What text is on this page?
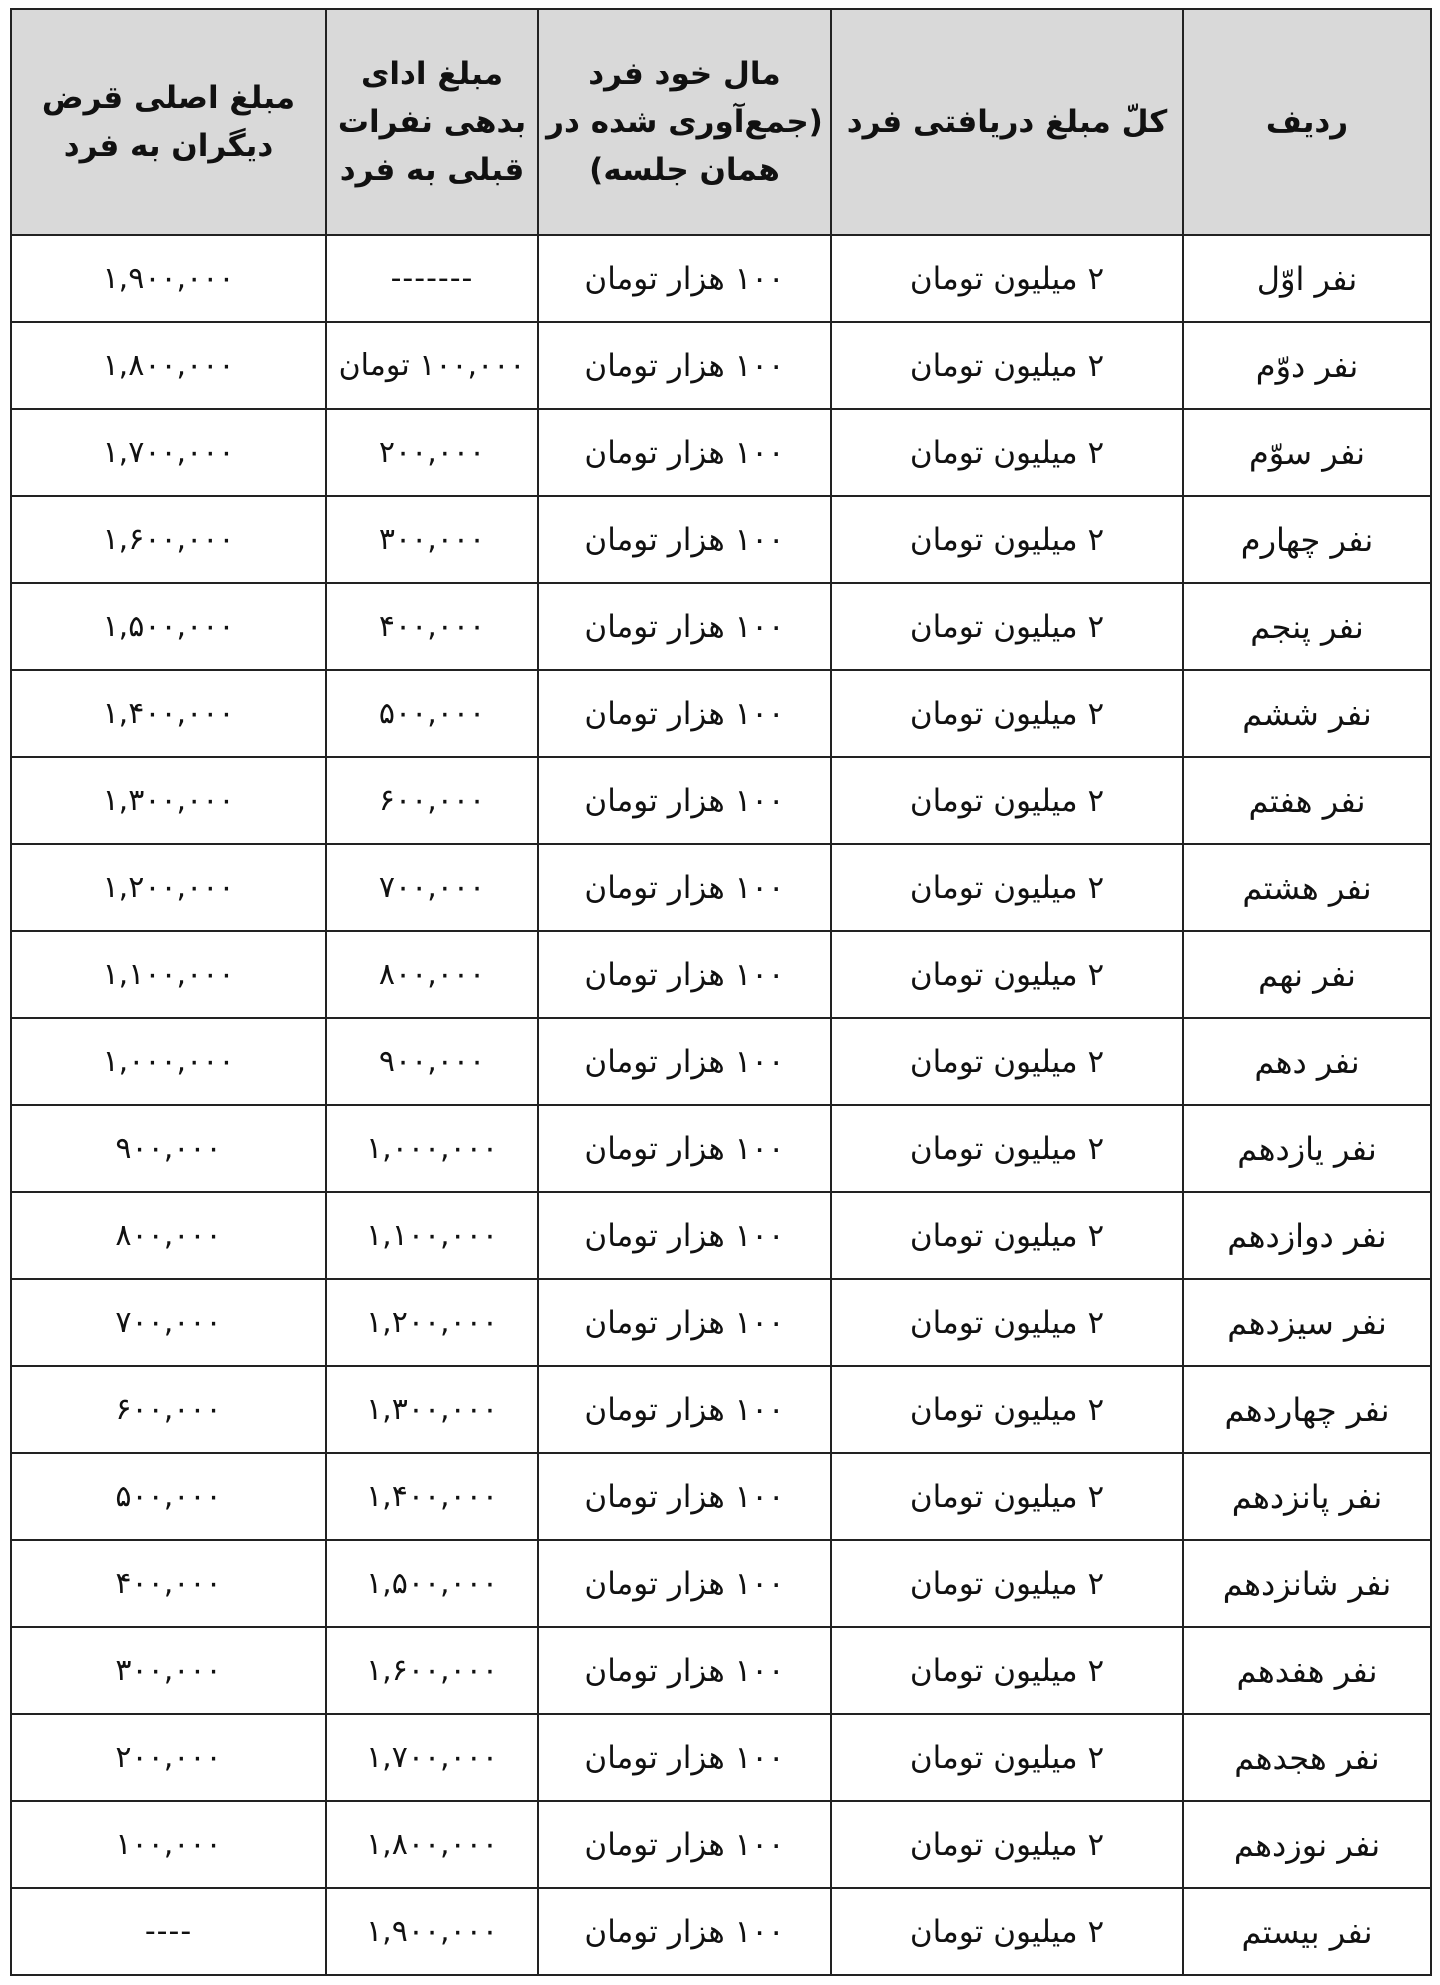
ردیف	کلّ مبلغ دریافتی فرد	مال خود فرد (جمع‌آوری شده در همان جلسه)	مبلغ ادای بدهی نفرات قبلی به فرد	مبلغ اصلی قرض دیگران به فرد
نفر اوّل	۲ میلیون تومان	۱۰۰ هزار تومان	-------	۱,۹۰۰,۰۰۰
نفر دوّم	۲ میلیون تومان	۱۰۰ هزار تومان	۱۰۰,۰۰۰ تومان	۱,۸۰۰,۰۰۰
نفر سوّم	۲ میلیون تومان	۱۰۰ هزار تومان	۲۰۰,۰۰۰	۱,۷۰۰,۰۰۰
نفر چهارم	۲ میلیون تومان	۱۰۰ هزار تومان	۳۰۰,۰۰۰	۱,۶۰۰,۰۰۰
نفر پنجم	۲ میلیون تومان	۱۰۰ هزار تومان	۴۰۰,۰۰۰	۱,۵۰۰,۰۰۰
نفر ششم	۲ میلیون تومان	۱۰۰ هزار تومان	۵۰۰,۰۰۰	۱,۴۰۰,۰۰۰
نفر هفتم	۲ میلیون تومان	۱۰۰ هزار تومان	۶۰۰,۰۰۰	۱,۳۰۰,۰۰۰
نفر هشتم	۲ میلیون تومان	۱۰۰ هزار تومان	۷۰۰,۰۰۰	۱,۲۰۰,۰۰۰
نفر نهم	۲ میلیون تومان	۱۰۰ هزار تومان	۸۰۰,۰۰۰	۱,۱۰۰,۰۰۰
نفر دهم	۲ میلیون تومان	۱۰۰ هزار تومان	۹۰۰,۰۰۰	۱,۰۰۰,۰۰۰
نفر یازدهم	۲ میلیون تومان	۱۰۰ هزار تومان	۱,۰۰۰,۰۰۰	۹۰۰,۰۰۰
نفر دوازدهم	۲ میلیون تومان	۱۰۰ هزار تومان	۱,۱۰۰,۰۰۰	۸۰۰,۰۰۰
نفر سیزدهم	۲ میلیون تومان	۱۰۰ هزار تومان	۱,۲۰۰,۰۰۰	۷۰۰,۰۰۰
نفر چهاردهم	۲ میلیون تومان	۱۰۰ هزار تومان	۱,۳۰۰,۰۰۰	۶۰۰,۰۰۰
نفر پانزدهم	۲ میلیون تومان	۱۰۰ هزار تومان	۱,۴۰۰,۰۰۰	۵۰۰,۰۰۰
نفر شانزدهم	۲ میلیون تومان	۱۰۰ هزار تومان	۱,۵۰۰,۰۰۰	۴۰۰,۰۰۰
نفر هفدهم	۲ میلیون تومان	۱۰۰ هزار تومان	۱,۶۰۰,۰۰۰	۳۰۰,۰۰۰
نفر هجدهم	۲ میلیون تومان	۱۰۰ هزار تومان	۱,۷۰۰,۰۰۰	۲۰۰,۰۰۰
نفر نوزدهم	۲ میلیون تومان	۱۰۰ هزار تومان	۱,۸۰۰,۰۰۰	۱۰۰,۰۰۰
نفر بیستم	۲ میلیون تومان	۱۰۰ هزار تومان	۱,۹۰۰,۰۰۰	----
